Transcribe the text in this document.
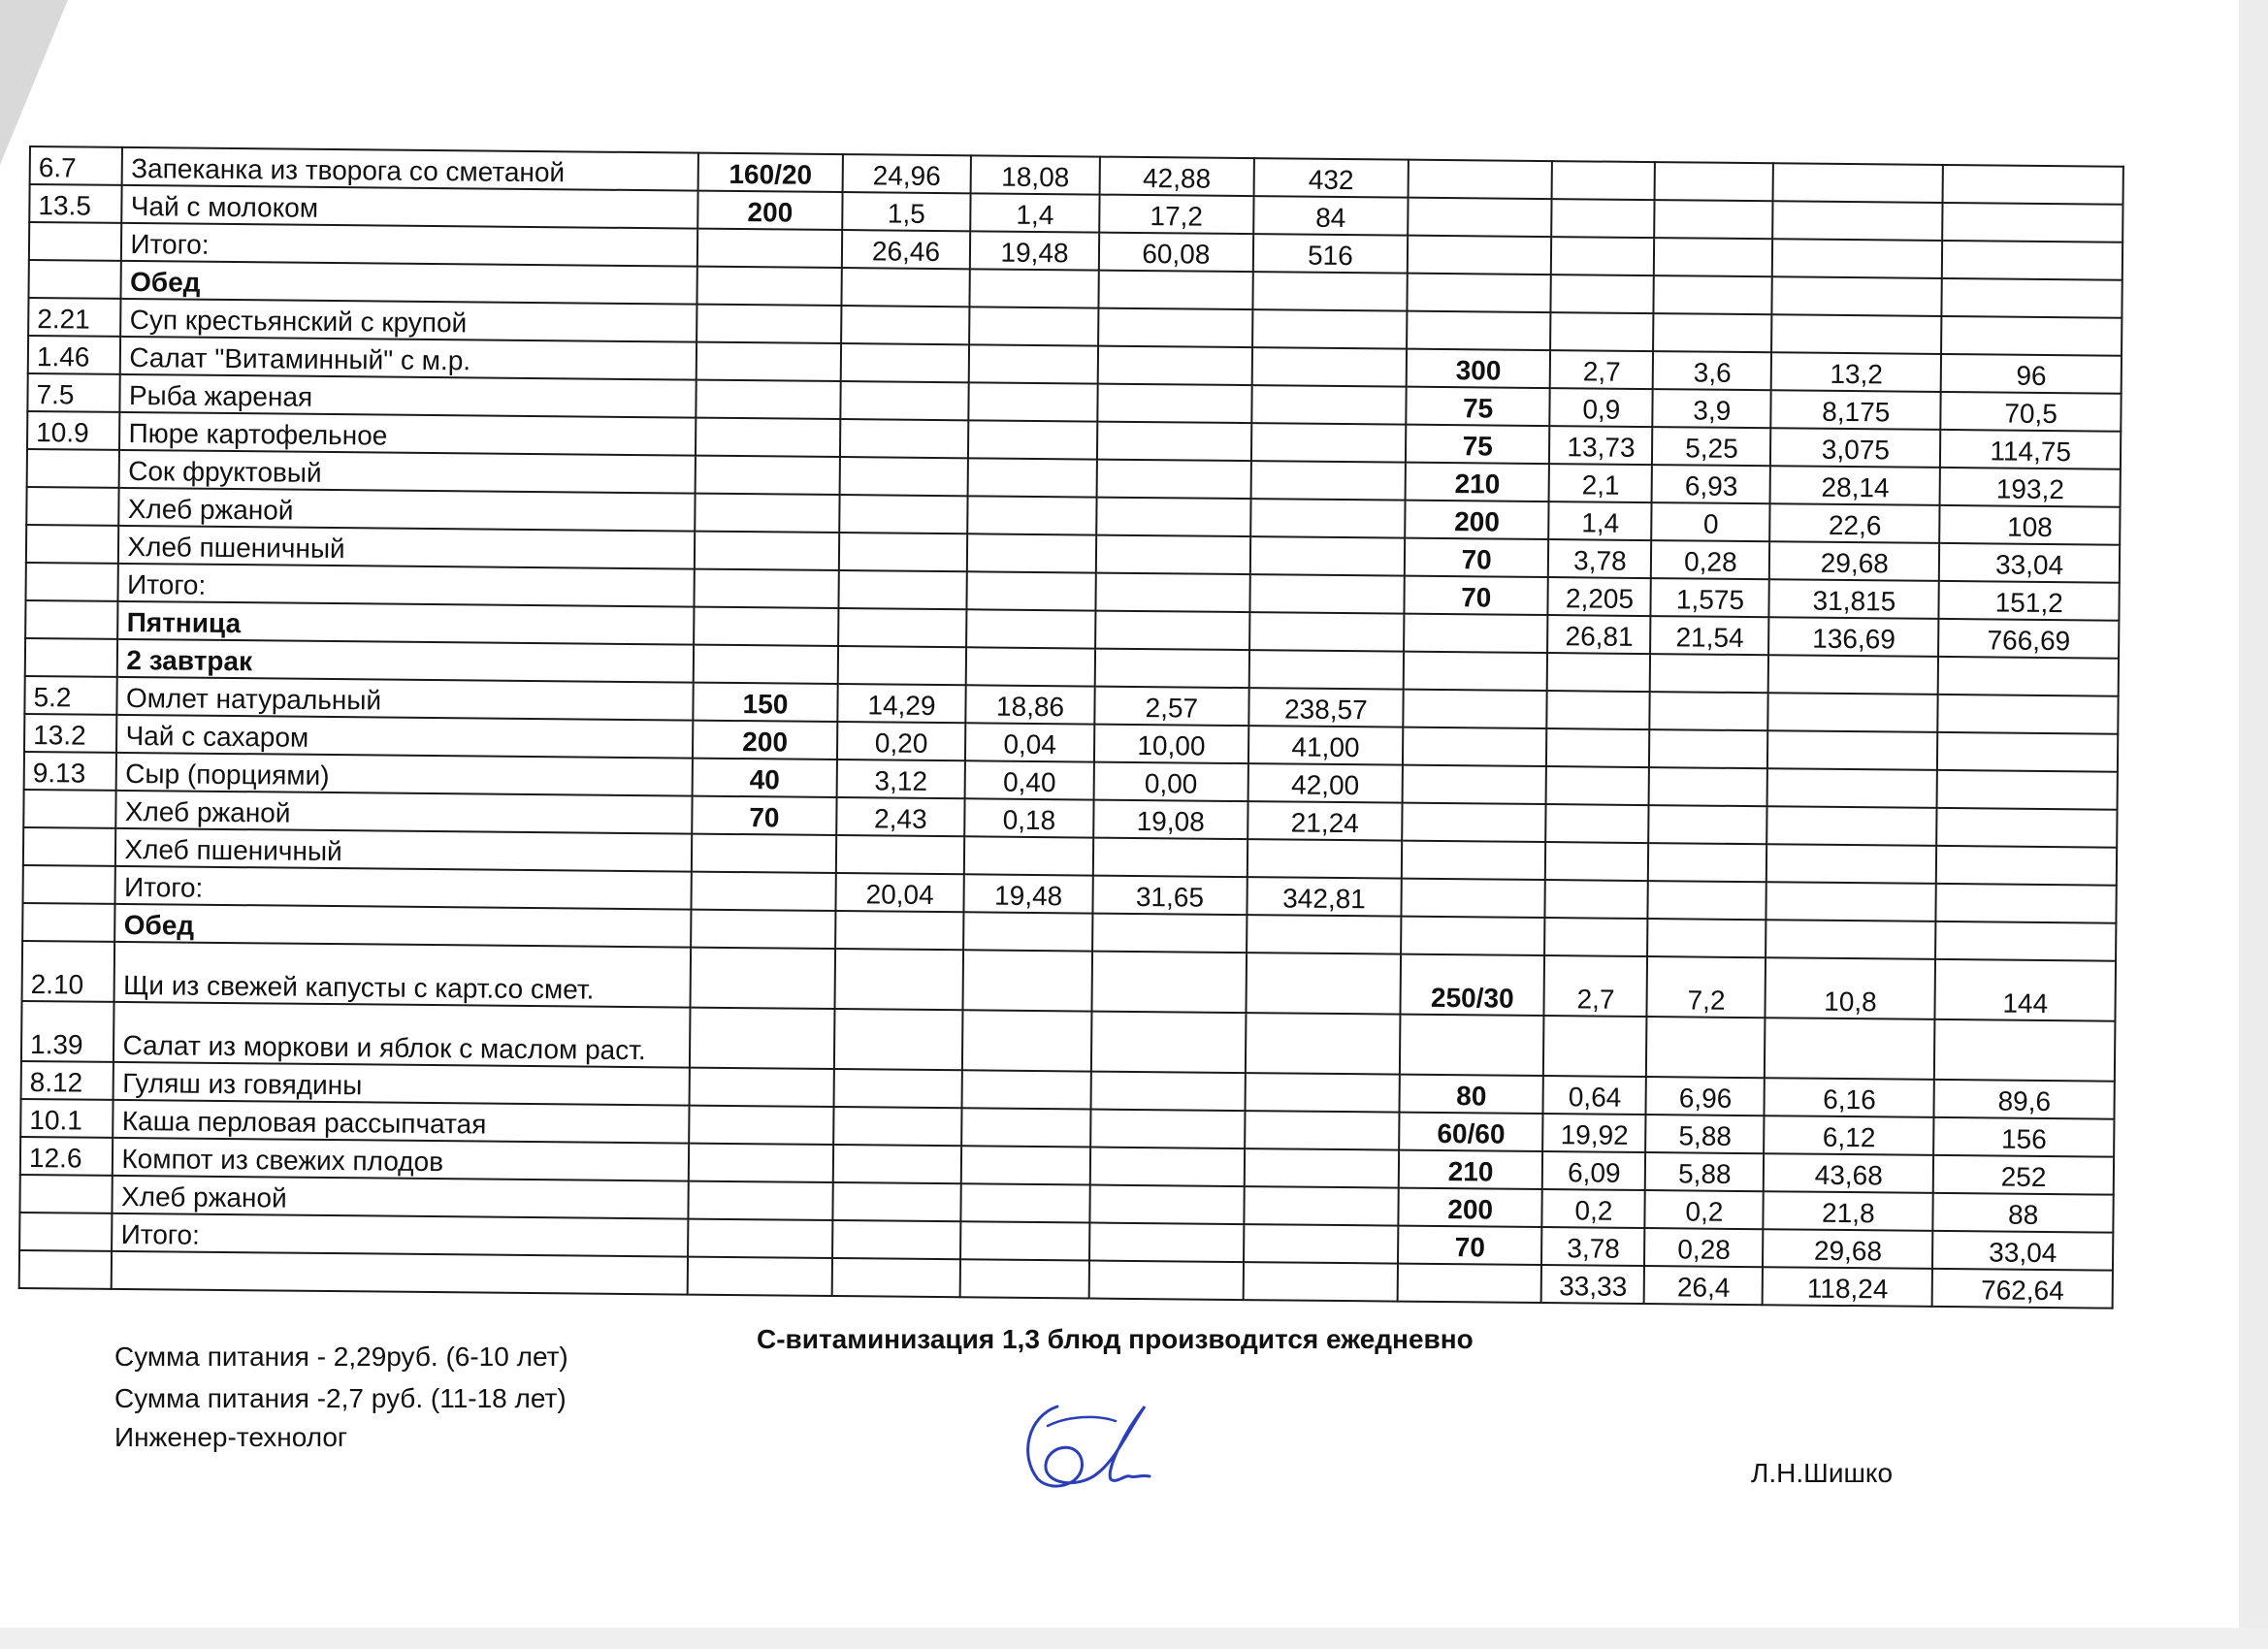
6.7	Запеканка из творога со сметаной	160/20	24,96	18,08	42,88	432					
13.5	Чай с молоком	200	1,5	1,4	17,2	84					
	Итого:		26,46	19,48	60,08	516					
	Обед										
2.21	Суп крестьянский с крупой										
1.46	Салат "Витаминный" с м.р.						300	2,7	3,6	13,2	96
7.5	Рыба жареная						75	0,9	3,9	8,175	70,5
10.9	Пюре картофельное						75	13,73	5,25	3,075	114,75
	Сок фруктовый						210	2,1	6,93	28,14	193,2
	Хлеб ржаной						200	1,4	0	22,6	108
	Хлеб пшеничный						70	3,78	0,28	29,68	33,04
	Итого:						70	2,205	1,575	31,815	151,2
	Пятница							26,81	21,54	136,69	766,69
	2 завтрак										
5.2	Омлет натуральный	150	14,29	18,86	2,57	238,57					
13.2	Чай с сахаром	200	0,20	0,04	10,00	41,00					
9.13	Сыр (порциями)	40	3,12	0,40	0,00	42,00					
	Хлеб ржаной	70	2,43	0,18	19,08	21,24					
	Хлеб пшеничный										
	Итого:		20,04	19,48	31,65	342,81					
	Обед										
2.10	Щи из свежей капусты с карт.со смет.						250/30	2,7	7,2	10,8	144
1.39	Салат из моркови и яблок с маслом раст.										
8.12	Гуляш из говядины						80	0,64	6,96	6,16	89,6
10.1	Каша перловая рассыпчатая						60/60	19,92	5,88	6,12	156
12.6	Компот из свежих плодов						210	6,09	5,88	43,68	252
	Хлеб ржаной						200	0,2	0,2	21,8	88
	Итого:						70	3,78	0,28	29,68	33,04
								33,33	26,4	118,24	762,64
С-витаминизация 1,3 блюд производится ежедневно
Сумма питания - 2,29руб. (6-10 лет)
Сумма питания -2,7 руб. (11-18 лет)
Инженер-технолог
Л.Н.Шишко
